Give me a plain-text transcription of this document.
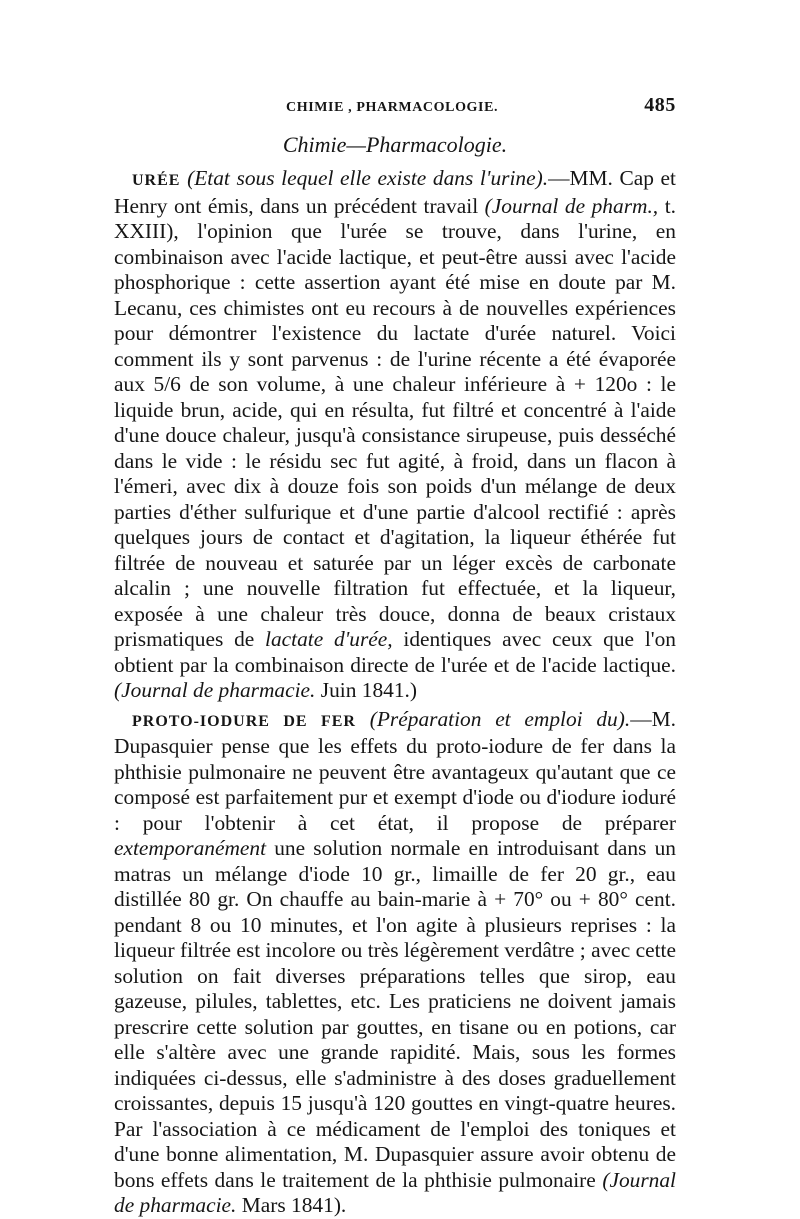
CHIMIE , PHARMACOLOGIE.	485
Chimie—Pharmacologie.

URÉE (Etat sous lequel elle existe dans l'urine).—MM. Cap et Henry ont émis, dans un précédent travail (Journal de pharm., t. XXIII), l'opinion que l'urée se trouve, dans l'urine, en combinaison avec l'acide lactique, et peut-être aussi avec l'acide phosphorique : cette assertion ayant été mise en doute par M. Lecanu, ces chimistes ont eu recours à de nouvelles expériences pour démontrer l'existence du lactate d'urée naturel. Voici comment ils y sont parvenus : de l'urine récente a été évaporée aux 5/6 de son volume, à une chaleur inférieure à + 120o : le liquide brun, acide, qui en résulta, fut filtré et concentré à l'aide d'une douce chaleur, jusqu'à consistance sirupeuse, puis desséché dans le vide : le résidu sec fut agité, à froid, dans un flacon à l'émeri, avec dix à douze fois son poids d'un mélange de deux parties d'éther sulfurique et d'une partie d'alcool rectifié : après quelques jours de contact et d'agitation, la liqueur éthérée fut filtrée de nouveau et saturée par un léger excès de carbonate alcalin ; une nouvelle filtration fut effectuée, et la liqueur, exposée à une chaleur très douce, donna de beaux cristaux prismatiques de lactate d'urée, identiques avec ceux que l'on obtient par la combinaison directe de l'urée et de l'acide lactique. (Journal de pharmacie. Juin 1841.)

PROTO-IODURE DE FER (Préparation et emploi du).—M. Dupasquier pense que les effets du proto-iodure de fer dans la phthisie pulmonaire ne peuvent être avantageux qu'autant que ce composé est parfaitement pur et exempt d'iode ou d'iodure ioduré : pour l'obtenir à cet état, il propose de préparer extemporanément une solution normale en introduisant dans un matras un mélange d'iode 10 gr., limaille de fer 20 gr., eau distillée 80 gr. On chauffe au bain-marie à + 70° ou + 80° cent. pendant 8 ou 10 minutes, et l'on agite à plusieurs reprises : la liqueur filtrée est incolore ou très légèrement verdâtre ; avec cette solution on fait diverses préparations telles que sirop, eau gazeuse, pilules, tablettes, etc. Les praticiens ne doivent jamais prescrire cette solution par gouttes, en tisane ou en potions, car elle s'altère avec une grande rapidité. Mais, sous les formes indiquées ci-dessus, elle s'administre à des doses graduellement croissantes, depuis 15 jusqu'à 120 gouttes en vingt-quatre heures. Par l'association à ce médicament de l'emploi des toniques et d'une bonne alimentation, M. Dupasquier assure avoir obtenu de bons effets dans le traitement de la phthisie pulmonaire (Journal de pharmacie. Mars 1841).
